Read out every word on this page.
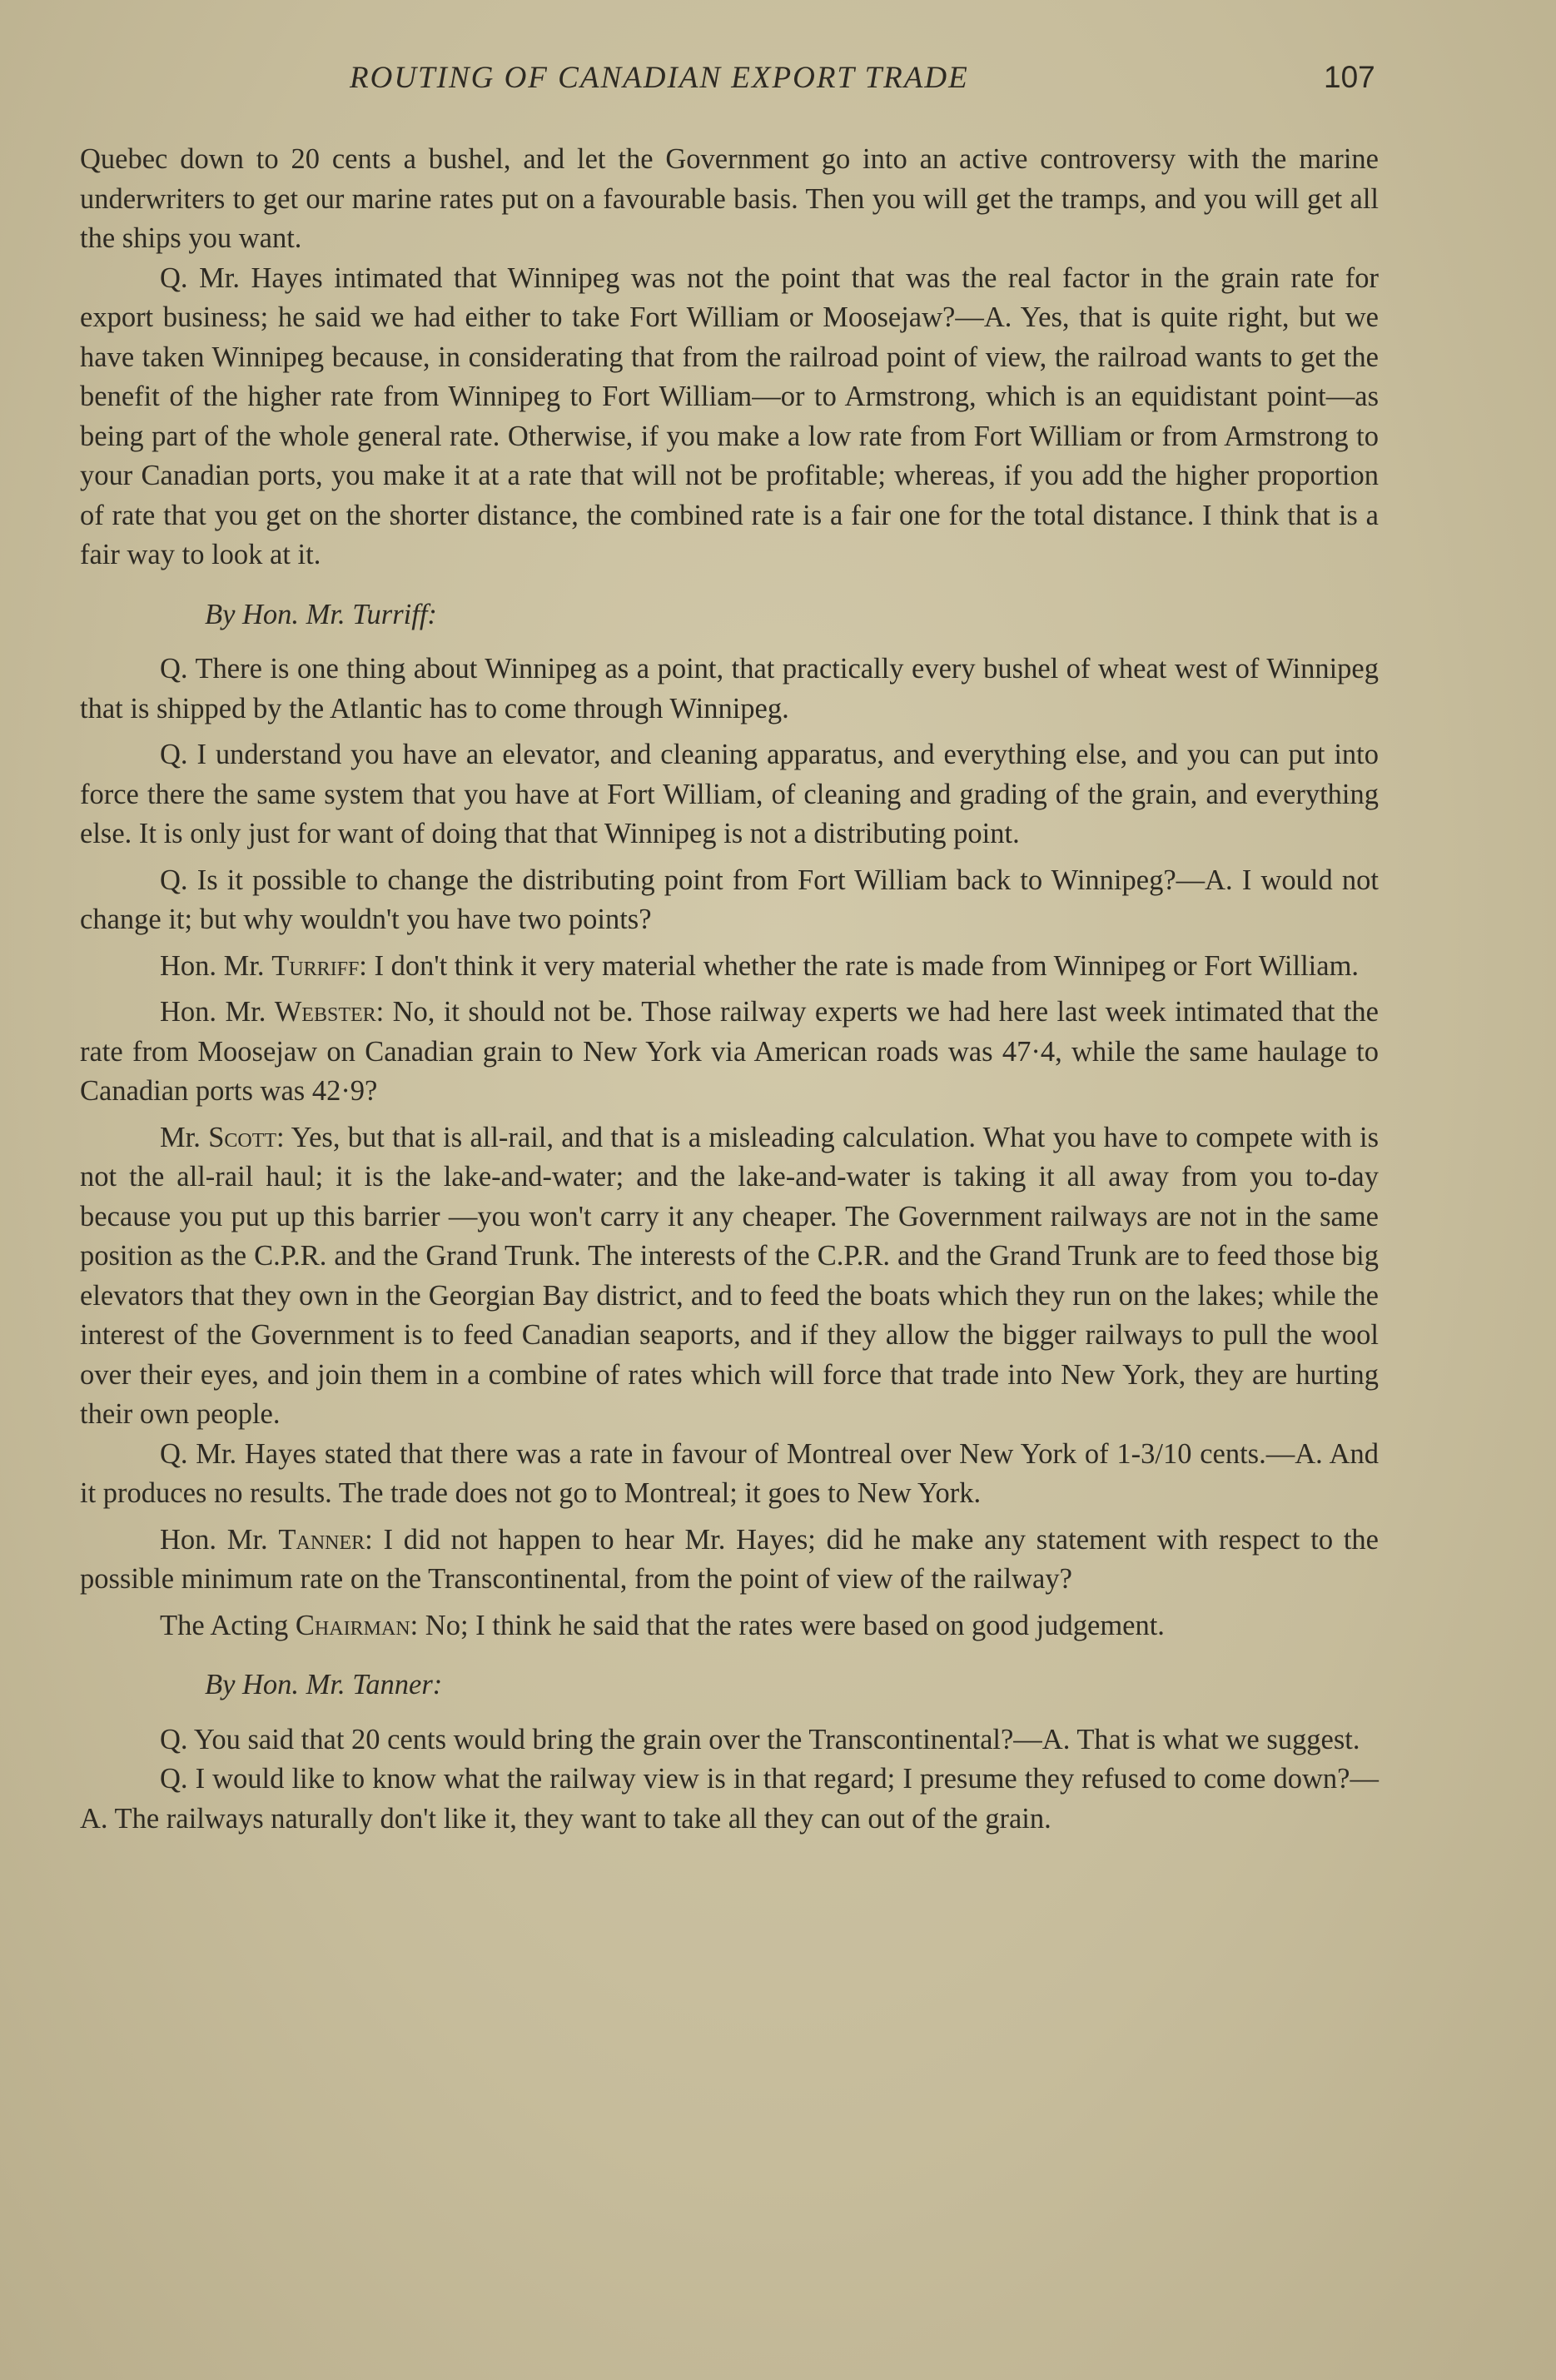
ROUTING OF CANADIAN EXPORT TRADE	107

Quebec down to 20 cents a bushel, and let the Government go into an active controversy with the marine underwriters to get our marine rates put on a favourable basis. Then you will get the tramps, and you will get all the ships you want.

Q. Mr. Hayes intimated that Winnipeg was not the point that was the real factor in the grain rate for export business; he said we had either to take Fort William or Moosejaw?—A. Yes, that is quite right, but we have taken Winnipeg because, in considerating that from the railroad point of view, the railroad wants to get the benefit of the higher rate from Winnipeg to Fort William—or to Armstrong, which is an equidistant point—as being part of the whole general rate. Otherwise, if you make a low rate from Fort William or from Armstrong to your Canadian ports, you make it at a rate that will not be profitable; whereas, if you add the higher proportion of rate that you get on the shorter distance, the combined rate is a fair one for the total distance. I think that is a fair way to look at it.

By Hon. Mr. Turriff:

Q. There is one thing about Winnipeg as a point, that practically every bushel of wheat west of Winnipeg that is shipped by the Atlantic has to come through Winnipeg.

Q. I understand you have an elevator, and cleaning apparatus, and everything else, and you can put into force there the same system that you have at Fort William, of cleaning and grading of the grain, and everything else. It is only just for want of doing that that Winnipeg is not a distributing point.

Q. Is it possible to change the distributing point from Fort William back to Winnipeg?—A. I would not change it; but why wouldn't you have two points?

Hon. Mr. Turriff: I don't think it very material whether the rate is made from Winnipeg or Fort William.

Hon. Mr. Webster: No, it should not be. Those railway experts we had here last week intimated that the rate from Moosejaw on Canadian grain to New York via American roads was 47·4, while the same haulage to Canadian ports was 42·9?

Mr. Scott: Yes, but that is all-rail, and that is a misleading calculation. What you have to compete with is not the all-rail haul; it is the lake-and-water; and the lake-and-water is taking it all away from you to-day because you put up this barrier —you won't carry it any cheaper. The Government railways are not in the same position as the C.P.R. and the Grand Trunk. The interests of the C.P.R. and the Grand Trunk are to feed those big elevators that they own in the Georgian Bay district, and to feed the boats which they run on the lakes; while the interest of the Government is to feed Canadian seaports, and if they allow the bigger railways to pull the wool over their eyes, and join them in a combine of rates which will force that trade into New York, they are hurting their own people.

Q. Mr. Hayes stated that there was a rate in favour of Montreal over New York of 1-3/10 cents.—A. And it produces no results. The trade does not go to Montreal; it goes to New York.

Hon. Mr. Tanner: I did not happen to hear Mr. Hayes; did he make any statement with respect to the possible minimum rate on the Transcontinental, from the point of view of the railway?

The Acting Chairman: No; I think he said that the rates were based on good judgement.

By Hon. Mr. Tanner:

Q. You said that 20 cents would bring the grain over the Transcontinental?—A. That is what we suggest.

Q. I would like to know what the railway view is in that regard; I presume they refused to come down?—A. The railways naturally don't like it, they want to take all they can out of the grain.
